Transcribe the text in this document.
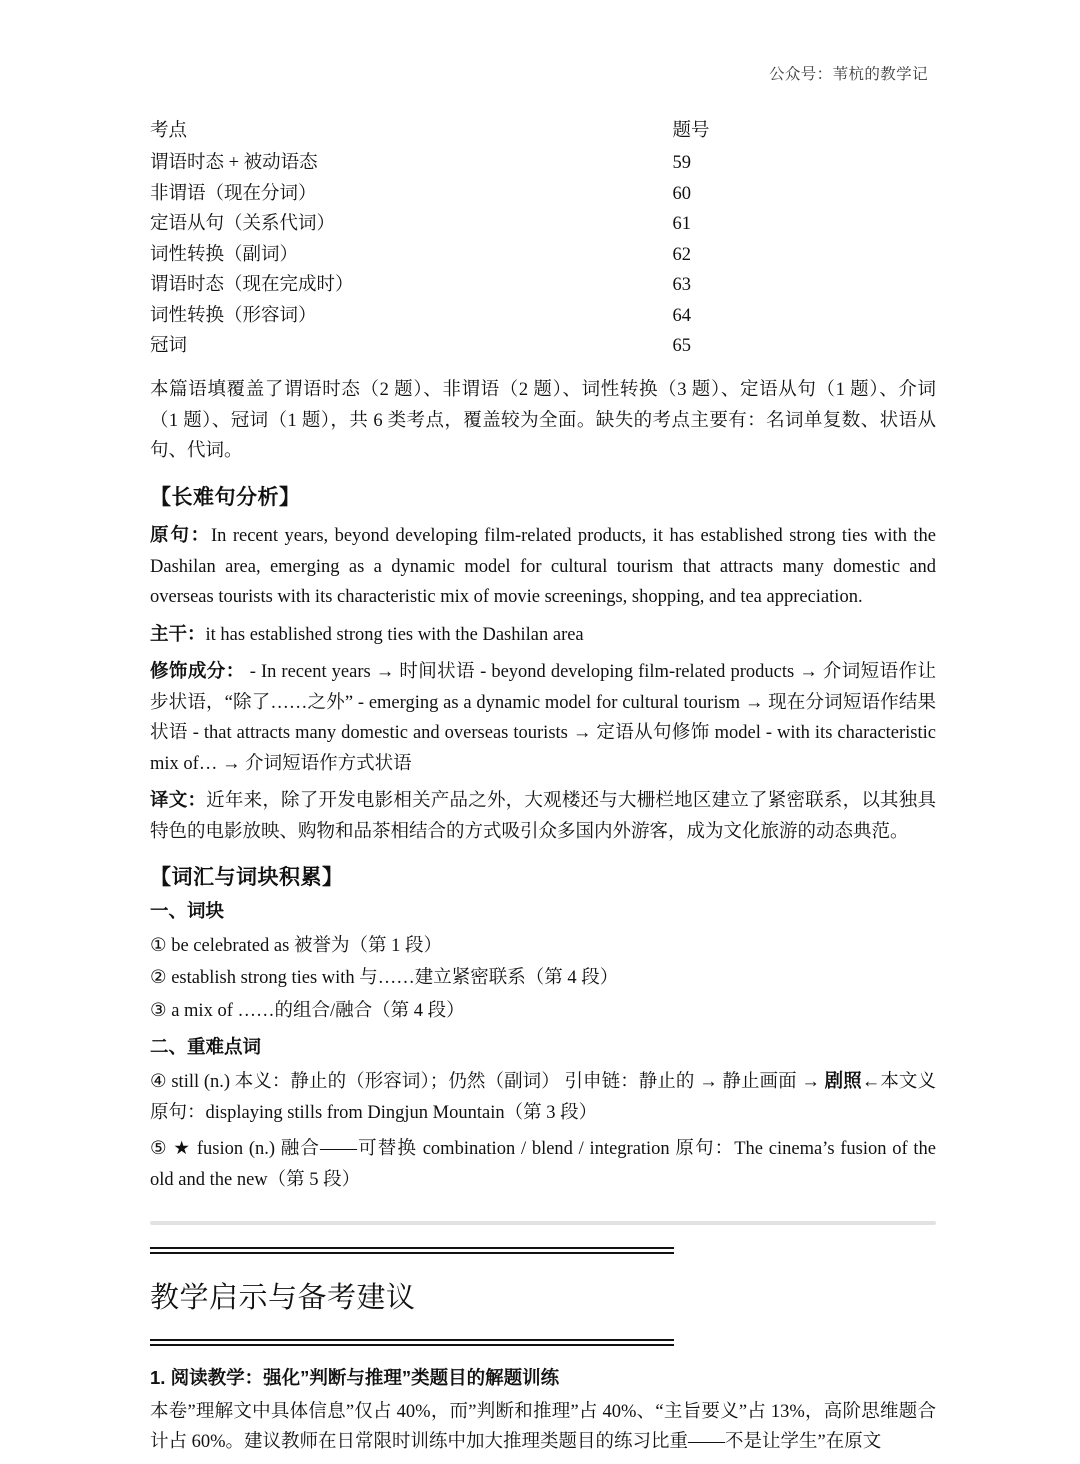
公众号：苇杭的教学记
考点	题号
谓语时态 + 被动语态	59
非谓语（现在分词）	60
定语从句（关系代词）	61
词性转换（副词）	62
谓语时态（现在完成时）	63
词性转换（形容词）	64
冠词	65

本篇语填覆盖了谓语时态（2 题）、非谓语（2 题）、词性转换（3 题）、定语从句（1 题）、介词（1 题）、冠词（1 题），共 6 类考点，覆盖较为全面。缺失的考点主要有：名词单复数、状语从句、代词。

【长难句分析】

原句：In recent years, beyond developing film-related products, it has established strong ties with the Dashilan area, emerging as a dynamic model for cultural tourism that attracts many domestic and overseas tourists with its characteristic mix of movie screenings, shopping, and tea appreciation.

主干：it has established strong ties with the Dashilan area

修饰成分： - In recent years → 时间状语 - beyond developing film-related products → 介词短语作让步状语，“除了……之外” - emerging as a dynamic model for cultural tourism → 现在分词短语作结果状语 - that attracts many domestic and overseas tourists → 定语从句修饰 model - with its characteristic mix of… → 介词短语作方式状语

译文：近年来，除了开发电影相关产品之外，大观楼还与大栅栏地区建立了紧密联系，以其独具特色的电影放映、购物和品茶相结合的方式吸引众多国内外游客，成为文化旅游的动态典范。

【词汇与词块积累】
一、词块

① be celebrated as 被誉为（第 1 段）

② establish strong ties with 与……建立紧密联系（第 4 段）

③ a mix of ……的组合/融合（第 4 段）

二、重难点词

④ still (n.) 本义：静止的（形容词）；仍然（副词） 引申链：静止的 → 静止画面 → 剧照←本文义 原句：displaying stills from Dingjun Mountain（第 3 段）

⑤ ★ fusion (n.) 融合——可替换 combination / blend / integration 原句：The cinema’s fusion of the old and the new（第 5 段）

教学启示与备考建议
1. 阅读教学：强化”判断与推理”类题目的解题训练

本卷”理解文中具体信息”仅占 40%，而”判断和推理”占 40%、“主旨要义”占 13%，高阶思维题合计占 60%。建议教师在日常限时训练中加大推理类题目的练习比重——不是让学生”在原文
